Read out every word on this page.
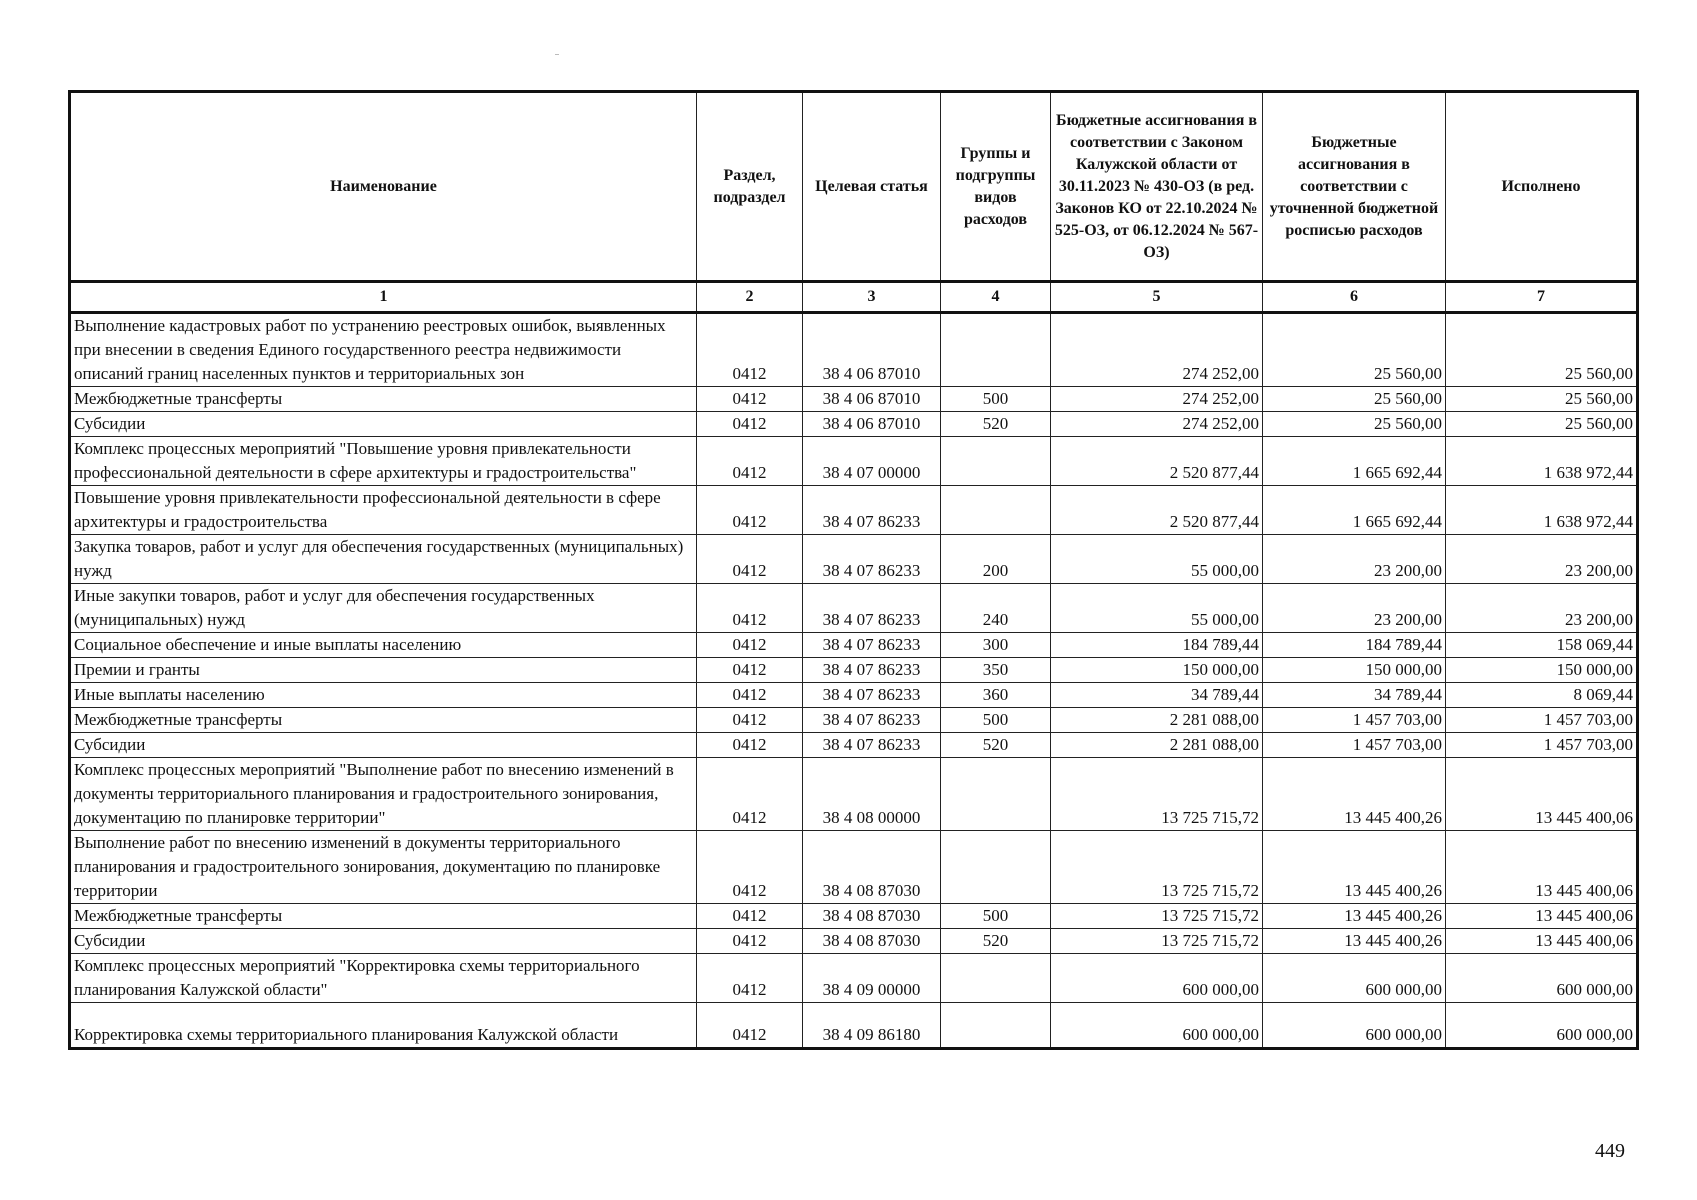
Наименование	Раздел, подраздел	Целевая статья	Группы и подгруппы видов расходов	Бюджетные ассигнования в соответствии с Законом Калужской области от 30.11.2023 № 430-ОЗ (в ред. Законов КО от 22.10.2024 № 525-ОЗ, от 06.12.2024 № 567-ОЗ)	Бюджетные ассигнования в соответствии с уточненной бюджетной росписью расходов	Исполнено
1	2	3	4	5	6	7
Выполнение кадастровых работ по устранению реестровых ошибок, выявленных при внесении в сведения Единого государственного реестра недвижимости описаний границ населенных пунктов и территориальных зон	0412	38 4 06 87010		274 252,00	25 560,00	25 560,00
Межбюджетные трансферты	0412	38 4 06 87010	500	274 252,00	25 560,00	25 560,00
Субсидии	0412	38 4 06 87010	520	274 252,00	25 560,00	25 560,00
Комплекс процессных мероприятий "Повышение уровня привлекательности профессиональной деятельности в сфере архитектуры и градостроительства"	0412	38 4 07 00000		2 520 877,44	1 665 692,44	1 638 972,44
Повышение уровня привлекательности профессиональной деятельности в сфере архитектуры и градостроительства	0412	38 4 07 86233		2 520 877,44	1 665 692,44	1 638 972,44
Закупка товаров, работ и услуг для обеспечения государственных (муниципальных) нужд	0412	38 4 07 86233	200	55 000,00	23 200,00	23 200,00
Иные закупки товаров, работ и услуг для обеспечения государственных (муниципальных) нужд	0412	38 4 07 86233	240	55 000,00	23 200,00	23 200,00
Социальное обеспечение и иные выплаты населению	0412	38 4 07 86233	300	184 789,44	184 789,44	158 069,44
Премии и гранты	0412	38 4 07 86233	350	150 000,00	150 000,00	150 000,00
Иные выплаты населению	0412	38 4 07 86233	360	34 789,44	34 789,44	8 069,44
Межбюджетные трансферты	0412	38 4 07 86233	500	2 281 088,00	1 457 703,00	1 457 703,00
Субсидии	0412	38 4 07 86233	520	2 281 088,00	1 457 703,00	1 457 703,00
Комплекс процессных мероприятий "Выполнение работ по внесению изменений в документы территориального планирования и градостроительного зонирования, документацию по планировке территории"	0412	38 4 08 00000		13 725 715,72	13 445 400,26	13 445 400,06
Выполнение работ по внесению изменений в документы территориального планирования и градостроительного зонирования, документацию по планировке территории	0412	38 4 08 87030		13 725 715,72	13 445 400,26	13 445 400,06
Межбюджетные трансферты	0412	38 4 08 87030	500	13 725 715,72	13 445 400,26	13 445 400,06
Субсидии	0412	38 4 08 87030	520	13 725 715,72	13 445 400,26	13 445 400,06
Комплекс процессных мероприятий "Корректировка схемы территориального планирования Калужской области"	0412	38 4 09 00000		600 000,00	600 000,00	600 000,00
Корректировка схемы территориального планирования Калужской области	0412	38 4 09 86180		600 000,00	600 000,00	600 000,00
449
